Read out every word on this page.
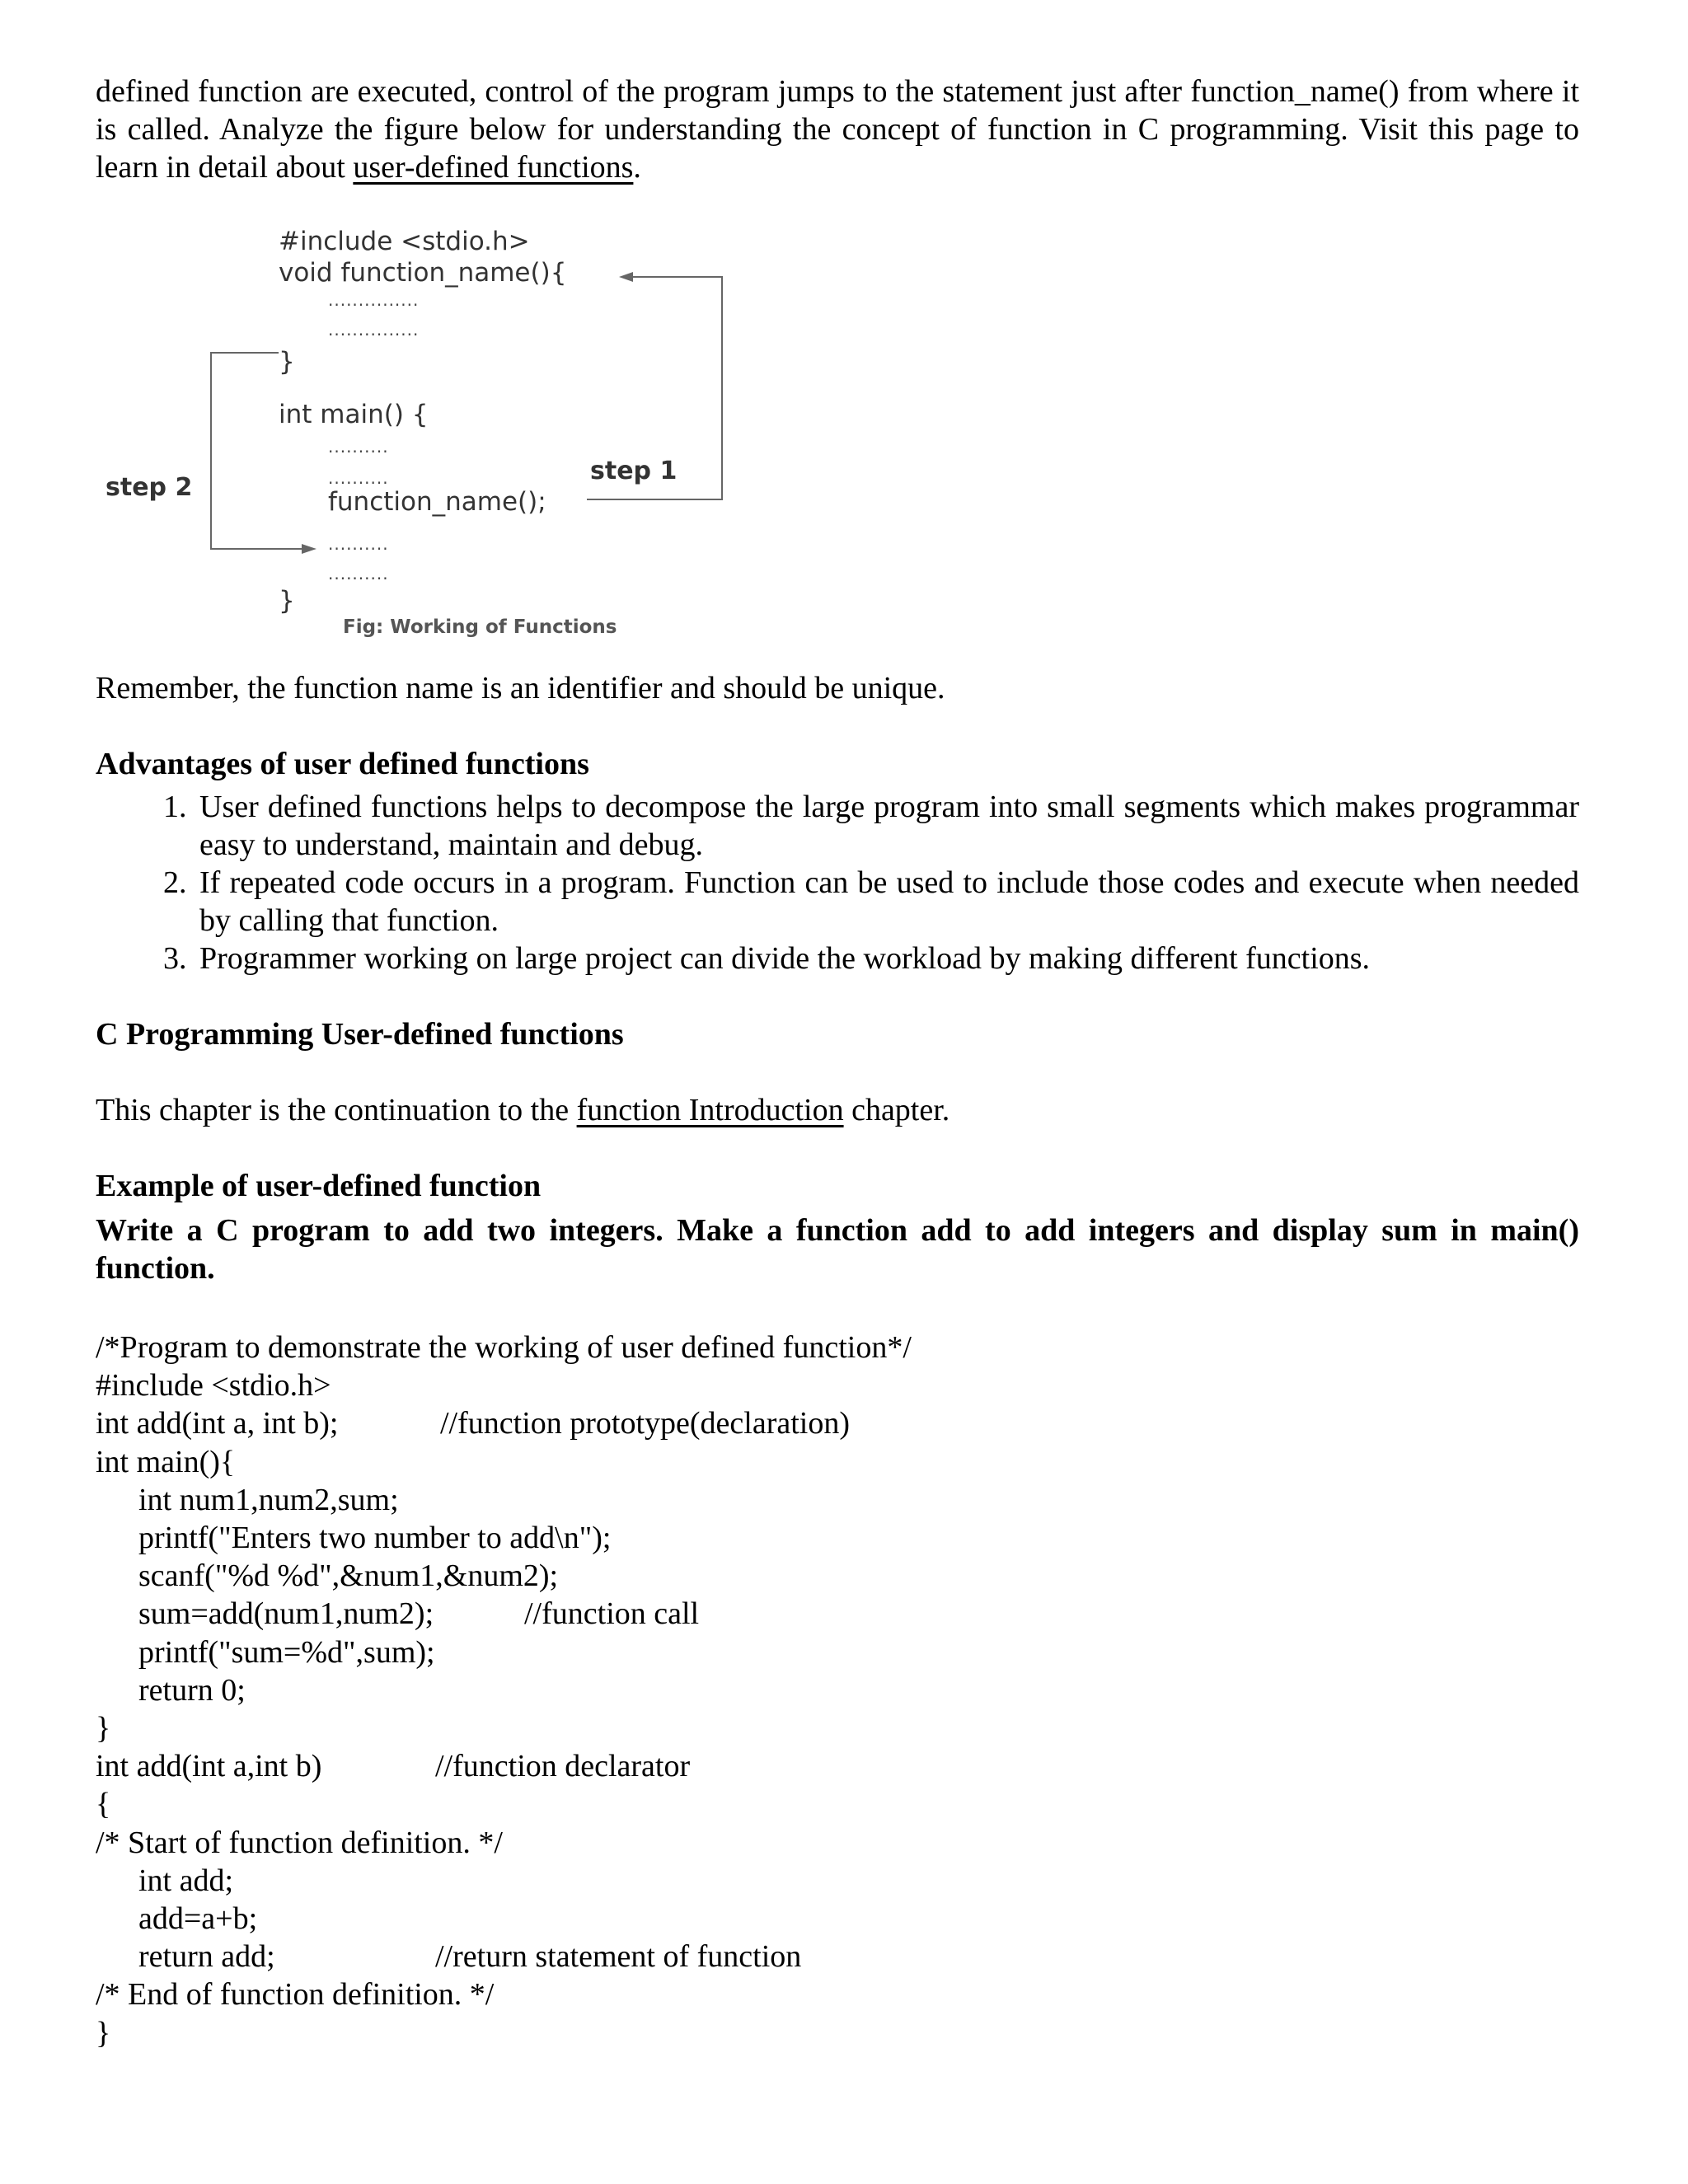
defined function are executed, control of the program jumps to the statement just after function_name() from where it is called. Analyze the figure below for understanding the concept of function in C programming. Visit this page to learn in detail about user-defined functions.

#include <stdio.h>
void function_name(){
...............
...............
}
int main() {
..........
..........
function_name();
..........
..........
}
step 1
step 2
Fig: Working of Functions

Remember, the function name is an identifier and should be unique.

Advantages of user defined functions
1. User defined functions helps to decompose the large program into small segments which makes programmar easy to understand, maintain and debug.
2. If repeated code occurs in a program. Function can be used to include those codes and execute when needed by calling that function.
3. Programmer working on large project can divide the workload by making different functions.
C Programming User-defined functions

This chapter is the continuation to the function Introduction chapter.

Example of user-defined function

Write a C program to add two integers. Make a function add to add integers and display sum in main() function.

/*Program to demonstrate the working of user defined function*/
#include <stdio.h>
int add(int a, int b);	//function prototype(declaration)
int main(){
int num1,num2,sum;
printf("Enters two number to add\n");
scanf("%d %d",&num1,&num2);
sum=add(num1,num2);	//function call
printf("sum=%d",sum);
return 0;
}
int add(int a,int b)	//function declarator
{
/* Start of function definition. */
int add;
add=a+b;
return add;	//return statement of function
/* End of function definition. */
}
